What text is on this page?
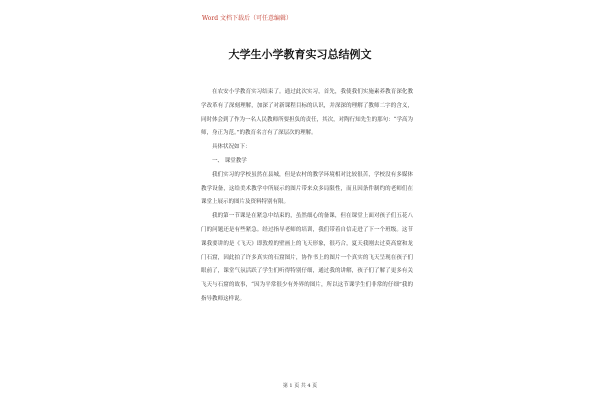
Word 文档下载后（可任意编辑）
大学生小学教育实习总结例文

在农安小学教育实习结束了。通过此次实习，首先，我使我们实施素养教育深化教学改革有了深刻理解，加深了对新课程目标的认识，并深深的理解了教师二字的含义，同时体会到了作为一名人民教师所要担负的责任，其次，对陶行知先生的那句：“学高为师，身正为范。”的教育名言有了深层次的理解。

具体状况如下：

一、 课堂教学

我们实习的学校虽然在县城，但是农村的教学环境相对比较很苦，学校没有多媒体教学设备，这给美术教学中所展示的图片带来众多局限性，而且因条件制约的老师们在课堂上展示的图片及资料特别有限。

我的第一节课是在紧急中结束的，虽然细心的备课，但在课堂上面对孩子们五花八门的问题还是有些紧急。经过指导老师的培训，我们带着自信走进了下一个班级。这节课我要讲的是《飞天》即敦煌的壁画上的飞天形象，很巧合，夏天我刚去过莫高窟和龙门石窟，因此拍了许多真实的石窟图片，协作书上的图片一个真实的飞天呈现在孩子们眼前了，课堂气氛活跃了学生们听得特别仔细，通过我的讲解，孩子们了解了更多有关飞天与石窟的故事，“因为平常很少有外界的图片，所以这节课学生们非常的仔细”我的指导教师这样说。

第 1 页 共 4 页
